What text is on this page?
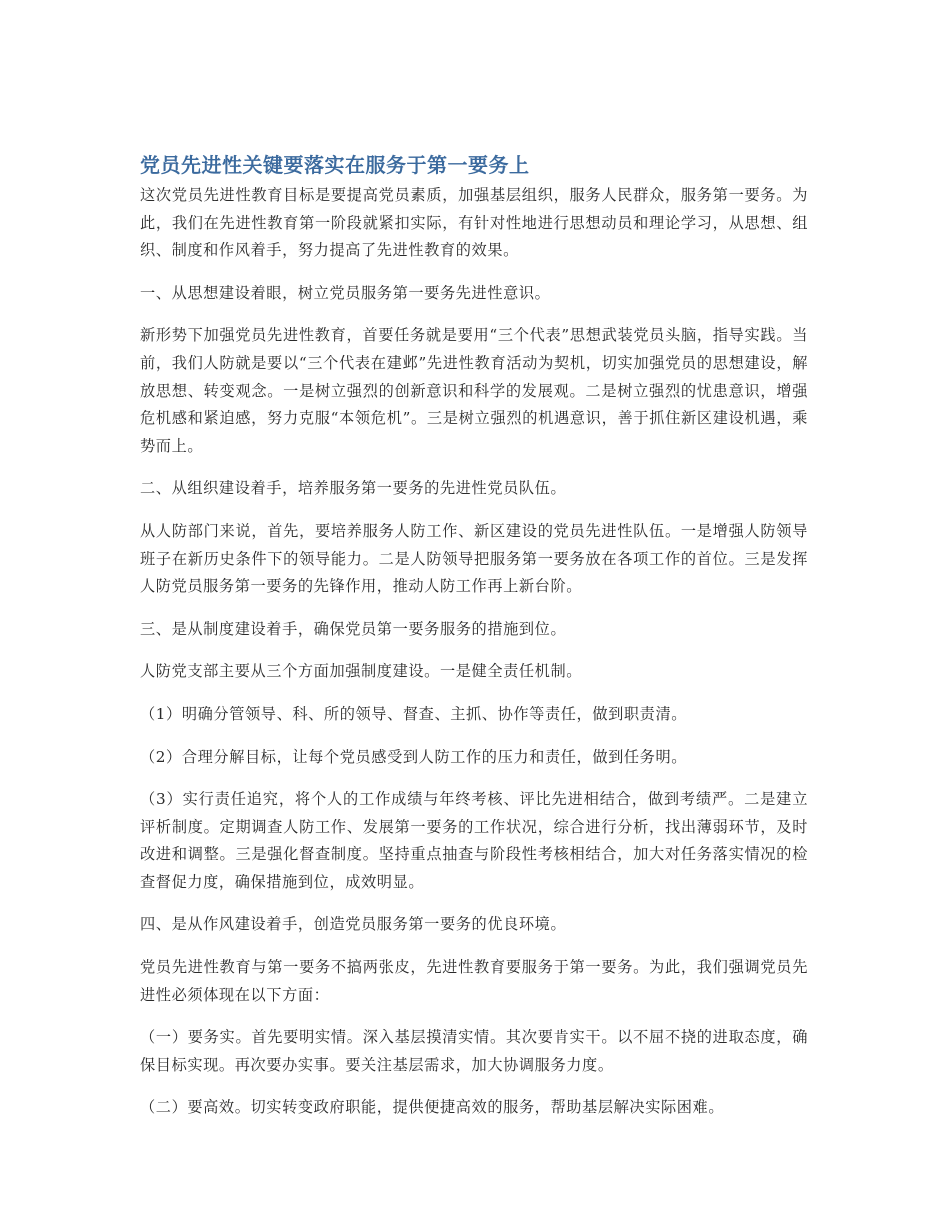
党员先进性关键要落实在服务于第一要务上

这次党员先进性教育目标是要提高党员素质，加强基层组织，服务人民群众，服务第一要务。为此，我们在先进性教育第一阶段就紧扣实际，有针对性地进行思想动员和理论学习，从思想、组织、制度和作风着手，努力提高了先进性教育的效果。

一、从思想建设着眼，树立党员服务第一要务先进性意识。

新形势下加强党员先进性教育，首要任务就是要用“三个代表”思想武装党员头脑，指导实践。当前，我们人防就是要以“三个代表在建邺”先进性教育活动为契机，切实加强党员的思想建设，解放思想、转变观念。一是树立强烈的创新意识和科学的发展观。二是树立强烈的忧患意识，增强危机感和紧迫感，努力克服“本领危机”。三是树立强烈的机遇意识，善于抓住新区建设机遇，乘势而上。

二、从组织建设着手，培养服务第一要务的先进性党员队伍。

从人防部门来说，首先，要培养服务人防工作、新区建设的党员先进性队伍。一是增强人防领导班子在新历史条件下的领导能力。二是人防领导把服务第一要务放在各项工作的首位。三是发挥人防党员服务第一要务的先锋作用，推动人防工作再上新台阶。

三、是从制度建设着手，确保党员第一要务服务的措施到位。

人防党支部主要从三个方面加强制度建设。一是健全责任机制。

（1）明确分管领导、科、所的领导、督查、主抓、协作等责任，做到职责清。

（2）合理分解目标，让每个党员感受到人防工作的压力和责任，做到任务明。

（3）实行责任追究，将个人的工作成绩与年终考核、评比先进相结合，做到考绩严。二是建立评析制度。定期调查人防工作、发展第一要务的工作状况，综合进行分析，找出薄弱环节，及时改进和调整。三是强化督查制度。坚持重点抽查与阶段性考核相结合，加大对任务落实情况的检查督促力度，确保措施到位，成效明显。

四、是从作风建设着手，创造党员服务第一要务的优良环境。

党员先进性教育与第一要务不搞两张皮，先进性教育要服务于第一要务。为此，我们强调党员先进性必须体现在以下方面：

（一）要务实。首先要明实情。深入基层摸清实情。其次要肯实干。以不屈不挠的进取态度，确保目标实现。再次要办实事。要关注基层需求，加大协调服务力度。

（二）要高效。切实转变政府职能，提供便捷高效的服务，帮助基层解决实际困难。
